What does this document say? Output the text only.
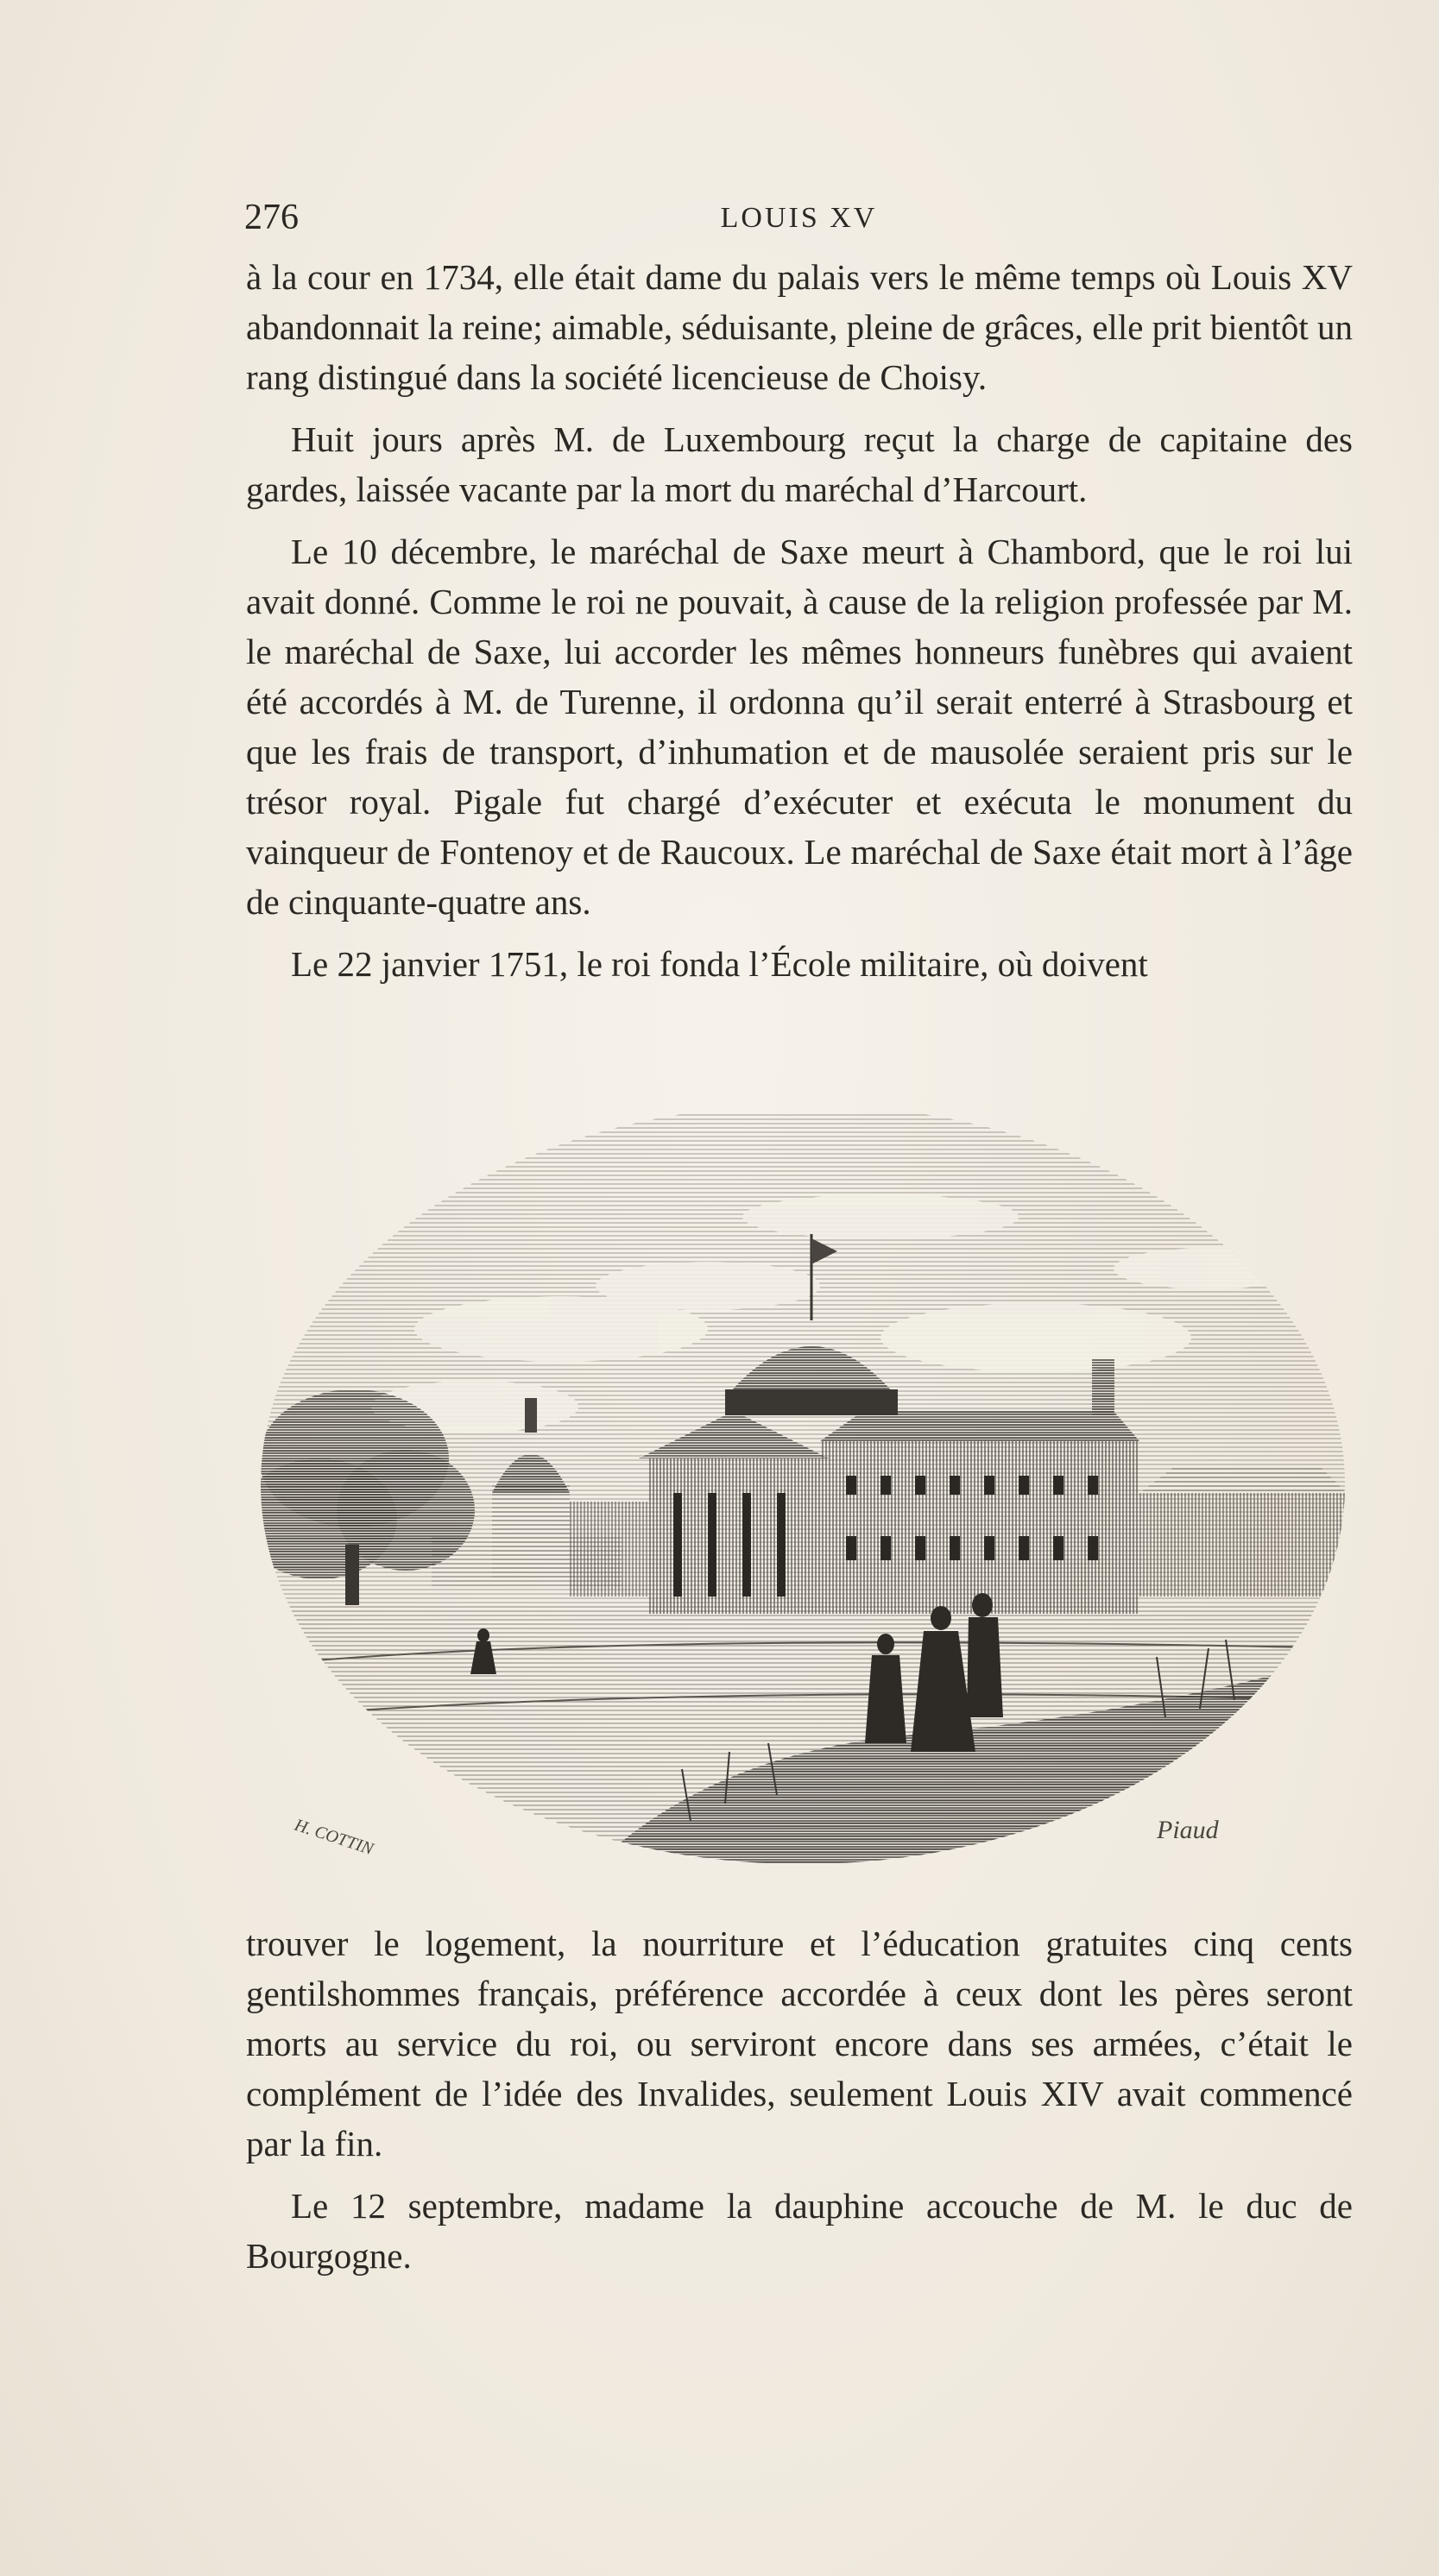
276	LOUIS XV

à la cour en 1734, elle était dame du palais vers le même temps où Louis XV abandonnait la reine; aimable, séduisante, pleine de grâces, elle prit bientôt un rang distingué dans la société licencieuse de Choisy.

Huit jours après M. de Luxembourg reçut la charge de capitaine des gardes, laissée vacante par la mort du maréchal d’Harcourt.

Le 10 décembre, le maréchal de Saxe meurt à Chambord, que le roi lui avait donné. Comme le roi ne pouvait, à cause de la religion professée par M. le maréchal de Saxe, lui accorder les mêmes honneurs funèbres qui avaient été accordés à M. de Turenne, il ordonna qu’il serait enterré à Strasbourg et que les frais de transport, d’inhumation et de mausolée seraient pris sur le trésor royal. Pigale fut chargé d’exécuter et exécuta le monument du vainqueur de Fontenoy et de Raucoux. Le maréchal de Saxe était mort à l’âge de cinquante-quatre ans.

Le 22 janvier 1751, le roi fonda l’École militaire, où doivent

H. COTTIN	Piaud

trouver le logement, la nourriture et l’éducation gratuites cinq cents gentilshommes français, préférence accordée à ceux dont les pères seront morts au service du roi, ou serviront encore dans ses armées, c’était le complément de l’idée des Invalides, seulement Louis XIV avait commencé par la fin.

Le 12 septembre, madame la dauphine accouche de M. le duc de Bourgogne.
